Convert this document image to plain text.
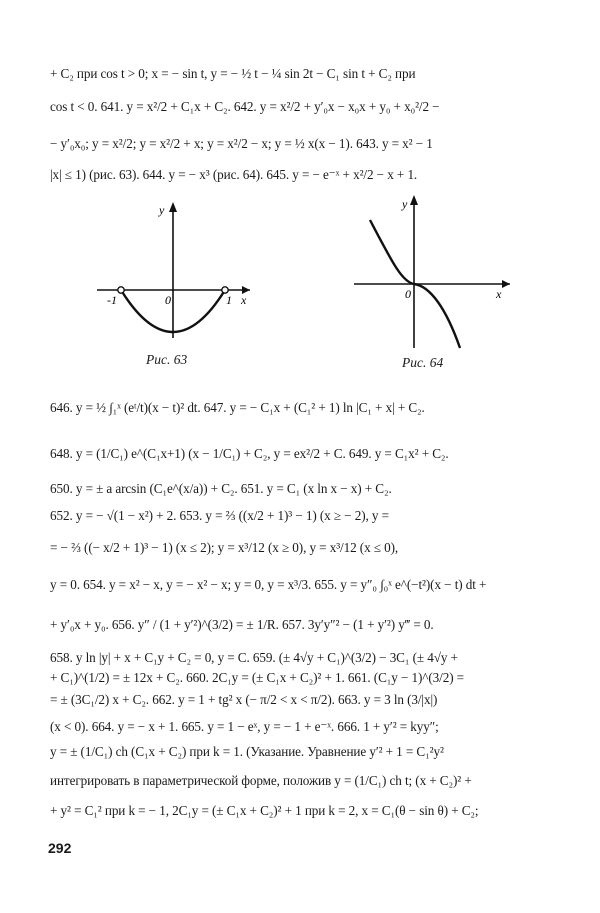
+ C₂ при cos t > 0; x = − sin t, y = − ½ t − ¼ sin 2t − C₁ sin t + C₂ при
cos t < 0. 641. y = x²/2 + C₁x + C₂. 642. y = x²/2 + y′₀x − x₀x + y₀ + x₀²/2 −
− y′₀x₀; y = x²/2; y = x²/2 + x; y = x²/2 − x; y = ½ x(x − 1). 643. y = x² − 1
|x| ≤ 1) (рис. 63). 644. y = − x³ (рис. 64). 645. y = − e⁻ˣ + x²/2 − x + 1.
y
x
0
-1	1
Рис. 63
y
x
0
Рис. 64
646. y = ½ ∫₁ˣ (eᵗ/t)(x − t)² dt. 647. y = − C₁x + (C₁² + 1) ln |C₁ + x| + C₂.
648. y = (1/C₁) e^(C₁x+1) (x − 1/C₁) + C₂, y = ex²/2 + C. 649. y = C₁x² + C₂.
650. y = ± a arcsin (C₁e^(x/a)) + C₂. 651. y = C₁ (x ln x − x) + C₂.
652. y = − √(1 − x²) + 2. 653. y = ⅔ ((x/2 + 1)³ − 1) (x ≥ − 2), y =
= − ⅔ ((− x/2 + 1)³ − 1) (x ≤ 2); y = x³/12 (x ≥ 0), y = x³/12 (x ≤ 0),
y = 0. 654. y = x² − x, y = − x² − x; y = 0, y = x³/3. 655. y = y″₀ ∫₀ˣ e^(−t²)(x − t) dt +
+ y′₀x + y₀. 656. y″ / (1 + y′²)^(3/2) = ± 1/R. 657. 3y′y″² − (1 + y′²) y‴ = 0.
658. y ln |y| + x + C₁y + C₂ = 0, y = C. 659. (± 4√y + C₁)^(3/2) − 3C₁ (± 4√y +
+ C₁)^(1/2) = ± 12x + C₂. 660. 2C₁y = (± C₁x + C₂)² + 1. 661. (C₁y − 1)^(3/2) =
= ± (3C₁/2) x + C₂. 662. y = 1 + tg² x (− π/2 < x < π/2). 663. y = 3 ln (3/|x|)
(x < 0). 664. y = − x + 1. 665. y = 1 − eˣ, y = − 1 + e⁻ˣ. 666. 1 + y′² = kyy″;
y = ± (1/C₁) ch (C₁x + C₂) при k = 1. (Указание. Уравнение y′² + 1 = C₁²y²
интегрировать в параметрической форме, положив y = (1/C₁) ch t; (x + C₂)² +
+ y² = C₁² при k = − 1, 2C₁y = (± C₁x + C₂)² + 1 при k = 2, x = C₁(θ − sin θ) + C₂;
292
